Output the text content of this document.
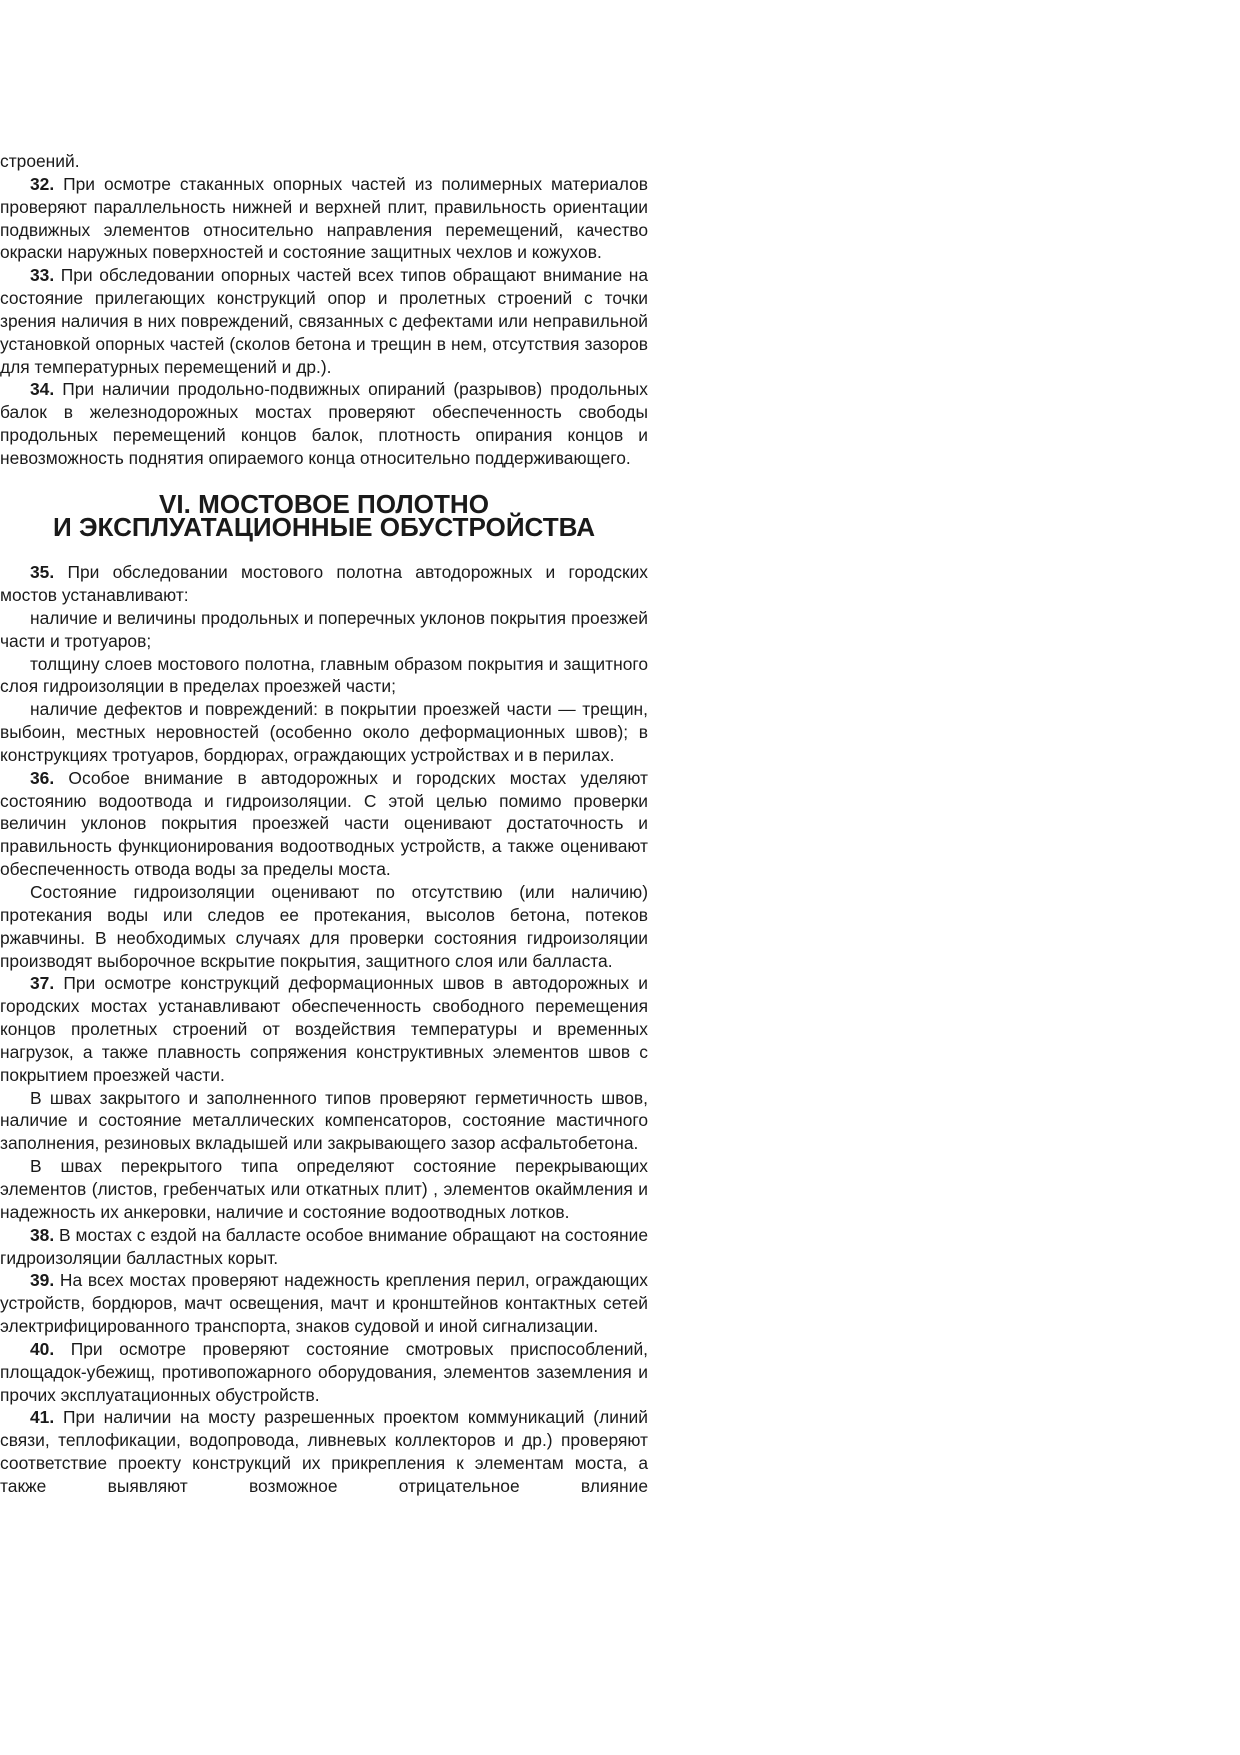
строений.

32. При осмотре стаканных опорных частей из полимерных материалов проверяют параллельность нижней и верхней плит, правильность ориентации подвижных элементов относительно направления перемещений, качество окраски наружных поверхностей и состояние защитных чехлов и кожухов.

33. При обследовании опорных частей всех типов обращают внимание на состояние прилегающих конструкций опор и пролетных строений с точки зрения наличия в них повреждений, связанных с дефектами или неправильной установкой опорных частей (сколов бетона и трещин в нем, отсутствия зазоров для температурных перемещений и др.).

34. При наличии продольно-подвижных опираний (разрывов) продольных балок в железнодорожных мостах проверяют обеспеченность свободы продольных перемещений концов балок, плотность опирания концов и невозможность поднятия опираемого конца относительно поддерживающего.

VI. МОСТОВОЕ ПОЛОТНО
И ЭКСПЛУАТАЦИОННЫЕ ОБУСТРОЙСТВА

35. При обследовании мостового полотна автодорожных и городских мостов устанавливают:

наличие и величины продольных и поперечных уклонов покрытия проезжей части и тротуаров;

толщину слоев мостового полотна, главным образом покрытия и защитного слоя гидроизоляции в пределах проезжей части;

наличие дефектов и повреждений: в покрытии проезжей части — трещин, выбоин, местных неровностей (особенно около деформационных швов); в конструкциях тротуаров, бордюрах, ограждающих устройствах и в перилах.

36. Особое внимание в автодорожных и городских мостах уделяют состоянию водоотвода и гидроизоляции. С этой целью помимо проверки величин уклонов покрытия проезжей части оценивают достаточность и правильность функционирования водоотводных устройств, а также оценивают обеспеченность отвода воды за пределы моста.

Состояние гидроизоляции оценивают по отсутствию (или наличию) протекания воды или следов ее протекания, высолов бетона, потеков ржавчины. В необходимых случаях для проверки состояния гидроизоляции производят выборочное вскрытие покрытия, защитного слоя или балласта.

37. При осмотре конструкций деформационных швов в автодорожных и городских мостах устанавливают обеспеченность свободного перемещения концов пролетных строений от воздействия температуры и временных нагрузок, а также плавность сопряжения конструктивных элементов швов с покрытием проезжей части.

В швах закрытого и заполненного типов проверяют герметичность швов, наличие и состояние металлических компенсаторов, состояние мастичного заполнения, резиновых вкладышей или закрывающего зазор асфальтобетона.

В швах перекрытого типа определяют состояние перекрывающих элементов (листов, гребенчатых или откатных плит) , элементов окаймления и надежность их анкеровки, наличие и состояние водоотводных лотков.

38. В мостах с ездой на балласте особое внимание обращают на состояние гидроизоляции балластных корыт.

39. На всех мостах проверяют надежность крепления перил, ограждающих устройств, бордюров, мачт освещения, мачт и кронштейнов контактных сетей электрифицированного транспорта, знаков судовой и иной сигнализации.

40. При осмотре проверяют состояние смотровых приспособлений, площадок-убежищ, противопожарного оборудования, элементов заземления и прочих эксплуатационных обустройств.

41. При наличии на мосту разрешенных проектом коммуникаций (линий связи, теплофикации, водопровода, ливневых коллекторов и др.) проверяют соответствие проекту конструкций их прикрепления к элементам моста, а также выявляют возможное отрицательное влияние
